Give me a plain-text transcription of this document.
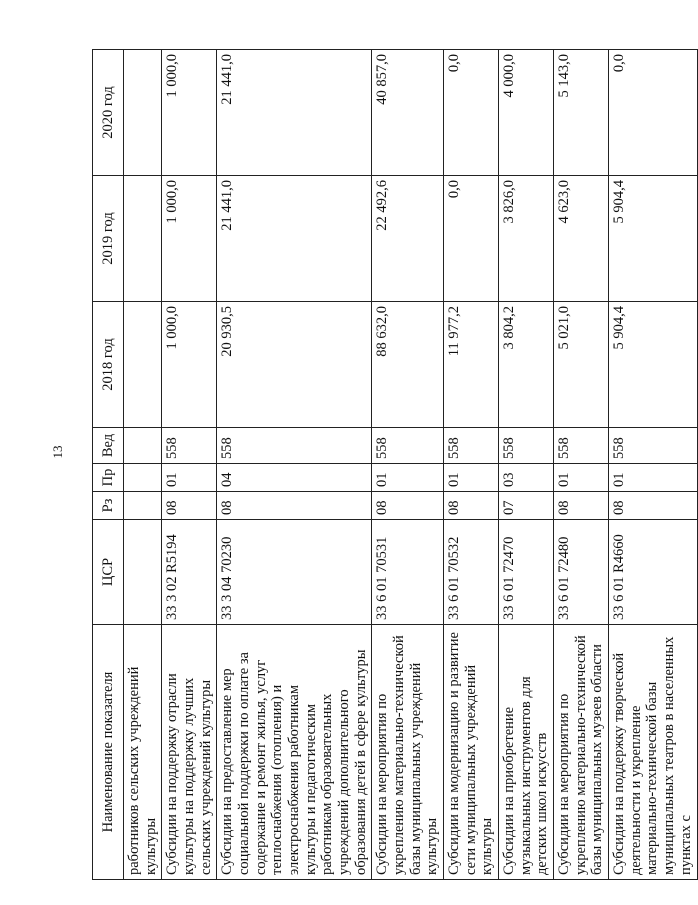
13
Наименование показателя	ЦСР	Рз	Пр	Вед	2018 год	2019 год	2020 год
работников сельских учреждений культуры							
Субсидии на поддержку отрасли культуры на поддержку лучших сельских учреждений культуры	33 3 02 R5194	08	01	558	1 000,0	1 000,0	1 000,0
Субсидии на предоставление мер социальной поддержки по оплате за содержание и ремонт жилья, услуг теплоснабжения (отопления) и электроснабжения работникам культуры и педагогическим работникам образовательных учреждений дополнительного образования детей в сфере культуры	33 3 04 70230	08	04	558	20 930,5	21 441,0	21 441,0
Субсидии на мероприятия по укреплению материально-технической базы муниципальных учреждений культуры	33 6 01 70531	08	01	558	88 632,0	22 492,6	40 857,0
Субсидии на модернизацию и развитие сети муниципальных учреждений культуры	33 6 01 70532	08	01	558	11 977,2	0,0	0,0
Субсидии на приобретение музыкальных инструментов для детских школ искусств	33 6 01 72470	07	03	558	3 804,2	3 826,0	4 000,0
Субсидии на мероприятия по укреплению материально-технической базы муниципальных музеев области	33 6 01 72480	08	01	558	5 021,0	4 623,0	5 143,0
Субсидии на поддержку творческой деятельности и укрепление материально-технической базы муниципальных театров в населенных пунктах с	33 6 01 R4660	08	01	558	5 904,4	5 904,4	0,0
